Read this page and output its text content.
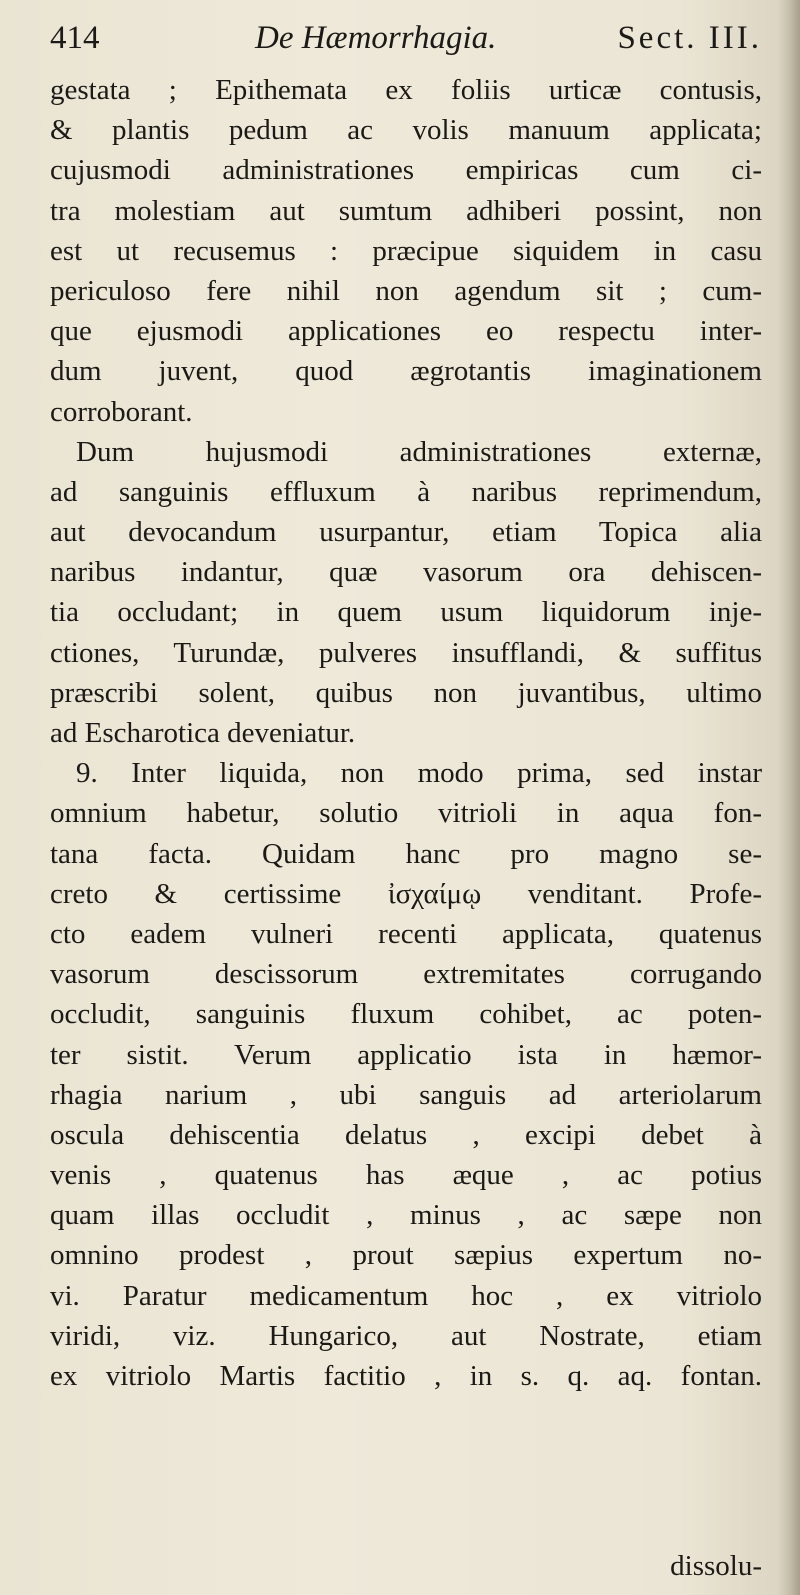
414	De Hæmorrhagia.	Sect. III.
gestata ; Epithemata ex foliis urticæ contusis,
& plantis pedum ac volis manuum applicata;
cujusmodi administrationes empiricas cum ci-
tra molestiam aut sumtum adhiberi possint, non
est ut recusemus : præcipue siquidem in casu
periculoso fere nihil non agendum sit ; cum-
que ejusmodi applicationes eo respectu inter-
dum juvent, quod ægrotantis imaginationem
corroborant.
Dum hujusmodi administrationes externæ,
ad sanguinis effluxum à naribus reprimendum,
aut devocandum usurpantur, etiam Topica alia
naribus indantur, quæ vasorum ora dehiscen-
tia occludant; in quem usum liquidorum inje-
ctiones, Turundæ, pulveres insufflandi, & suffitus
præscribi solent, quibus non juvantibus, ultimo
ad Escharotica deveniatur.
9. Inter liquida, non modo prima, sed instar
omnium habetur, solutio vitrioli in aqua fon-
tana facta. Quidam hanc pro magno se-
creto & certissime ἰσχαίμῳ venditant. Profe-
cto eadem vulneri recenti applicata, quatenus
vasorum descissorum extremitates corrugando
occludit, sanguinis fluxum cohibet, ac poten-
ter sistit. Verum applicatio ista in hæmor-
rhagia narium , ubi sanguis ad arteriolarum
oscula dehiscentia delatus , excipi debet à
venis , quatenus has æque , ac potius
quam illas occludit , minus , ac sæpe non
omnino prodest , prout sæpius expertum no-
vi. Paratur medicamentum hoc , ex vitriolo
viridi, viz. Hungarico, aut Nostrate, etiam
ex vitriolo Martis factitio , in s. q. aq. fontan.
dissolu-
